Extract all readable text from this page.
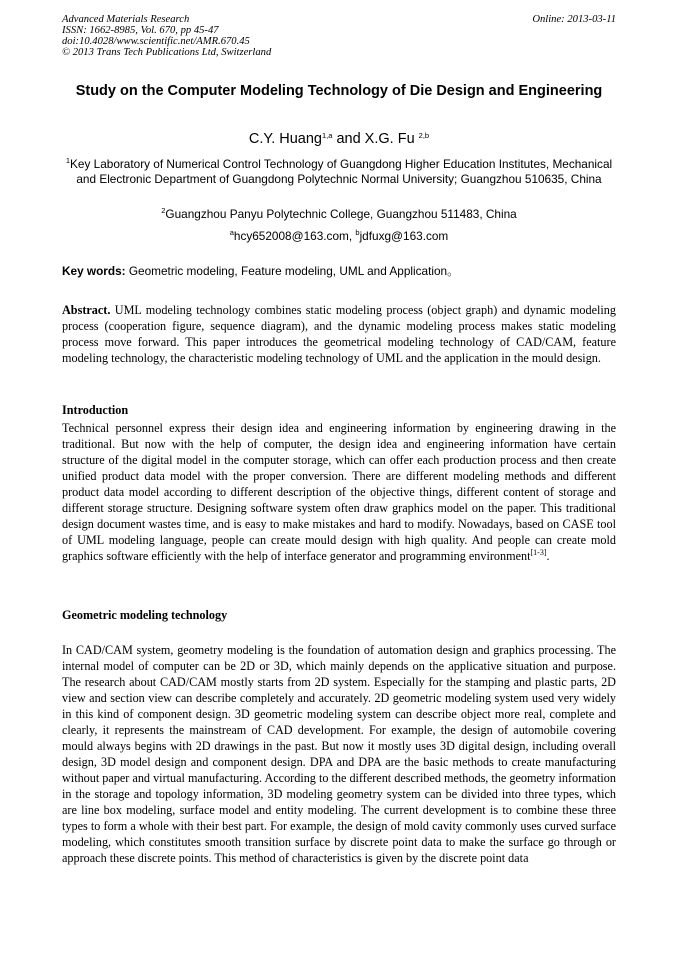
Advanced Materials Research
ISSN: 1662-8985, Vol. 670, pp 45-47
doi:10.4028/www.scientific.net/AMR.670.45
© 2013 Trans Tech Publications Ltd, Switzerland
Online: 2013-03-11
Study on the Computer Modeling Technology of Die Design and Engineering
C.Y. Huang$^{1,a}$ and X.G. Fu $^{2,b}$
$^1$Key Laboratory of Numerical Control Technology of Guangdong Higher Education Institutes, Mechanical and Electronic Department of Guangdong Polytechnic Normal University; Guangzhou 510635, China
$^2$Guangzhou Panyu Polytechnic College, Guangzhou 511483, China
$^a$hcy652008@163.com, $^b$jdfuxg@163.com
Key words: Geometric modeling, Feature modeling, UML and Application。
Abstract. UML modeling technology combines static modeling process (object graph) and dynamic modeling process (cooperation figure, sequence diagram), and the dynamic modeling process makes static modeling process move forward. This paper introduces the geometrical modeling technology of CAD/CAM, feature modeling technology, the characteristic modeling technology of UML and the application in the mould design.
Introduction
Technical personnel express their design idea and engineering information by engineering drawing in the traditional. But now with the help of computer, the design idea and engineering information have certain structure of the digital model in the computer storage, which can offer each production process and then create unified product data model with the proper conversion. There are different modeling methods and different product data model according to different description of the objective things, different content of storage and different storage structure. Designing software system often draw graphics model on the paper. This traditional design document wastes time, and is easy to make mistakes and hard to modify. Nowadays, based on CASE tool of UML modeling language, people can create mould design with high quality. And people can create mold graphics software efficiently with the help of interface generator and programming environment[1-3].
Geometric modeling technology
In CAD/CAM system, geometry modeling is the foundation of automation design and graphics processing. The internal model of computer can be 2D or 3D, which mainly depends on the applicative situation and purpose. The research about CAD/CAM mostly starts from 2D system. Especially for the stamping and plastic parts, 2D view and section view can describe completely and accurately. 2D geometric modeling system used very widely in this kind of component design. 3D geometric modeling system can describe object more real, complete and clearly, it represents the mainstream of CAD development. For example, the design of automobile covering mould always begins with 2D drawings in the past. But now it mostly uses 3D digital design, including overall design, 3D model design and component design. DPA and DPA are the basic methods to create manufacturing without paper and virtual manufacturing. According to the different described methods, the geometry information in the storage and topology information, 3D modeling geometry system can be divided into three types, which are line box modeling, surface model and entity modeling. The current development is to combine these three types to form a whole with their best part. For example, the design of mold cavity commonly uses curved surface modeling, which constitutes smooth transition surface by discrete point data to make the surface go through or approach these discrete points. This method of characteristics is given by the discrete point data
